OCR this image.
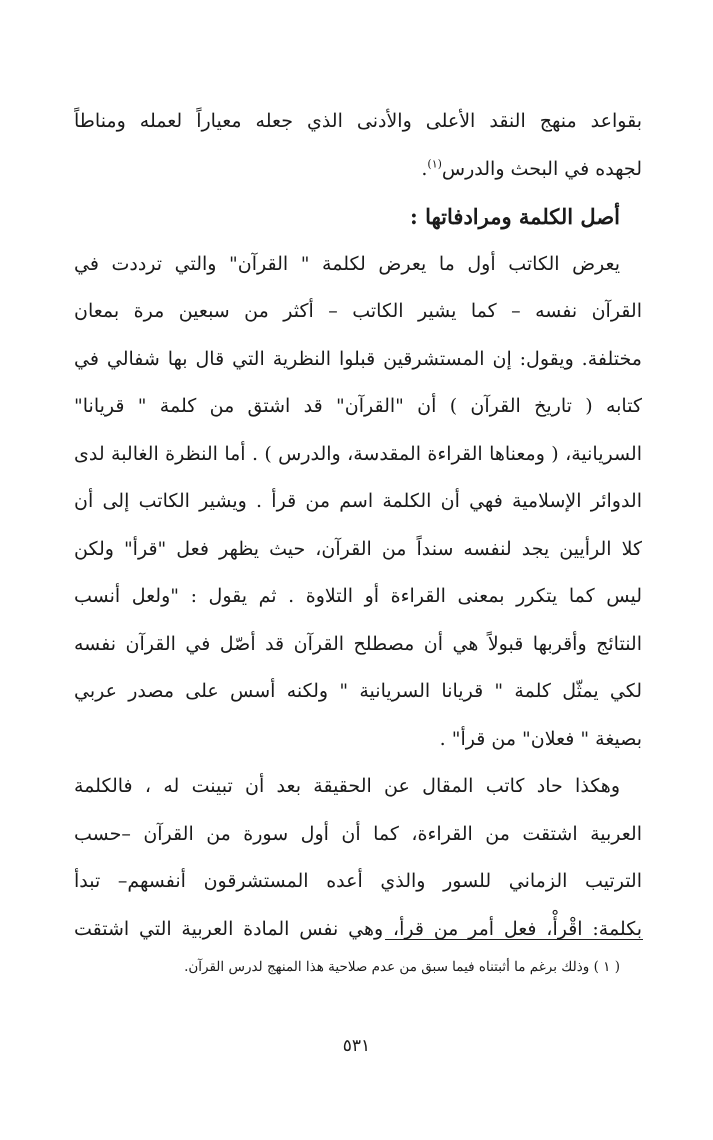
بقواعد منهج النقد الأعلى والأدنى الذي جعله معياراً لعمله ومناطاً
لجهده في البحث والدرس$^{(١)}$.
أصل الكلمة ومرادفاتها :
يعرض الكاتب أول ما يعرض لكلمة " القرآن" والتي ترددت في
القرآن نفسه – كما يشير الكاتب – أكثر من سبعين مرة بمعان
مختلفة. ويقول: إن المستشرقين قبلوا النظرية التي قال بها شفالي في
كتابه ( تاريخ القرآن ) أن "القرآن" قد اشتق من كلمة " قريانا"
السريانية، ( ومعناها القراءة المقدسة، والدرس ) . أما النظرة الغالبة لدى
الدوائر الإسلامية فهي أن الكلمة اسم من قرأ . ويشير الكاتب إلى أن
كلا الرأيين يجد لنفسه سنداً من القرآن، حيث يظهر فعل "قرأ" ولكن
ليس كما يتكرر بمعنى القراءة أو التلاوة . ثم يقول : "ولعل أنسب
النتائج وأقربها قبولاً هي أن مصطلح القرآن قد أصّل في القرآن نفسه
لكي يمثّل كلمة " قريانا السريانية " ولكنه أسس على مصدر عربي
بصيغة " فعلان" من قرأ" .
وهكذا حاد كاتب المقال عن الحقيقة بعد أن تبينت له ، فالكلمة
العربية اشتقت من القراءة، كما أن أول سورة من القرآن –حسب
الترتيب الزماني للسور والذي أعده المستشرقون أنفسهم– تبدأ
بكلمة: اقْرأْ، فعل أمر من قرأ، وهي نفس المادة العربية التي اشتقت
( ١ ) وذلك برغم ما أثبتناه فيما سبق من عدم صلاحية هذا المنهج لدرس القرآن.
٥٣١
